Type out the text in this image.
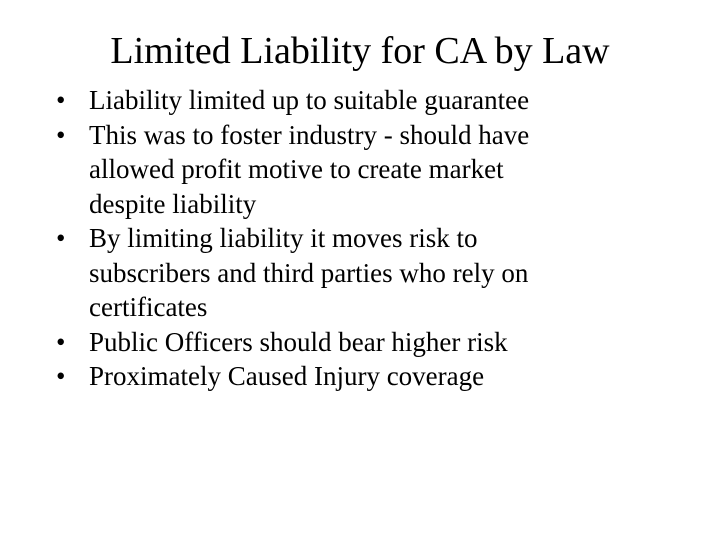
Limited Liability for CA by Law
• Liability limited up to suitable guarantee
• This was to foster industry - should have
allowed profit motive to create market
despite liability
• By limiting liability it moves risk to
subscribers and third parties who rely on
certificates
• Public Officers should bear higher risk
• Proximately Caused Injury coverage
